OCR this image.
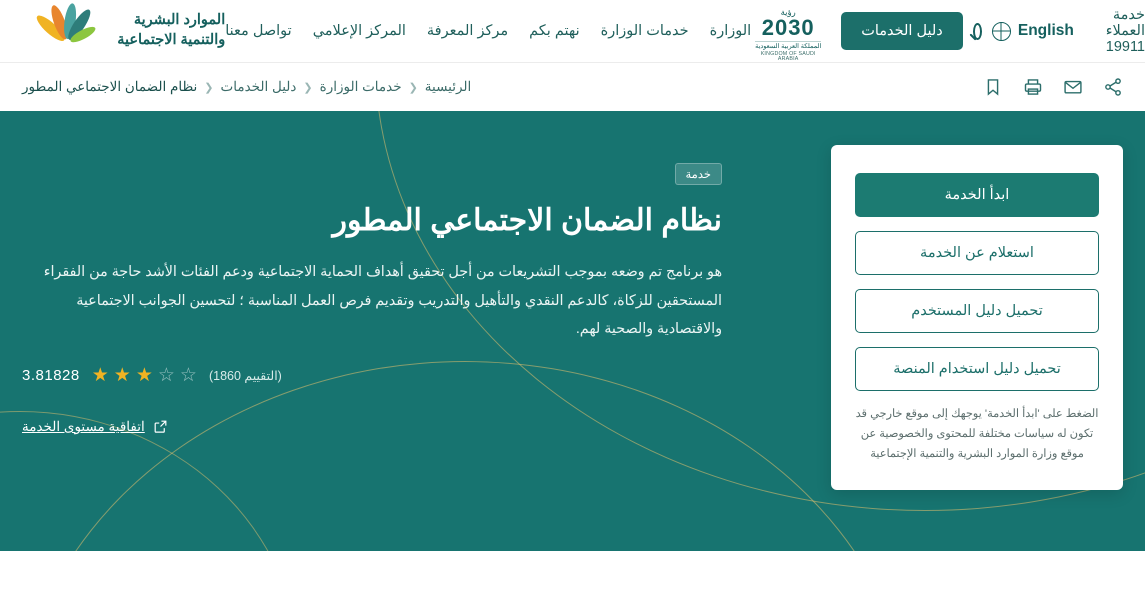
الموارد البشرية
والتنمية الاجتماعية
الوزارة
خدمات الوزارة
نهتم بكم
مركز المعرفة
المركز الإعلامي
تواصل معنا
خدمة العملاء 19911
English
دليل الخدمات
رؤية
2030
المملكة العربية السعودية
KINGDOM OF SAUDI ARABIA
الرئيسية
❮
خدمات الوزارة
❮
دليل الخدمات
❮
نظام الضمان الاجتماعي المطور
ابدأ الخدمة
استعلام عن الخدمة
تحميل دليل المستخدم
تحميل دليل استخدام المنصة
الضغط على 'ابدأ الخدمة' يوجهك إلى موقع خارجي قد تكون له سياسات مختلفة للمحتوى والخصوصية عن موقع وزارة الموارد البشرية والتنمية الإجتماعية
خدمة
نظام الضمان الاجتماعي المطور
هو برنامج تم وضعه بموجب التشريعات من أجل تحقيق أهداف الحماية الاجتماعية ودعم الفئات الأشد حاجة من الفقراء المستحقين للزكاة، كالدعم النقدي والتأهيل والتدريب وتقديم فرص العمل المناسبة ؛ لتحسين الجوانب الاجتماعية والاقتصادية والصحية لهم.
3.81828 ★ ★ ★ ☆ ☆ (التقييم 1860)
اتفاقية مستوى الخدمة
